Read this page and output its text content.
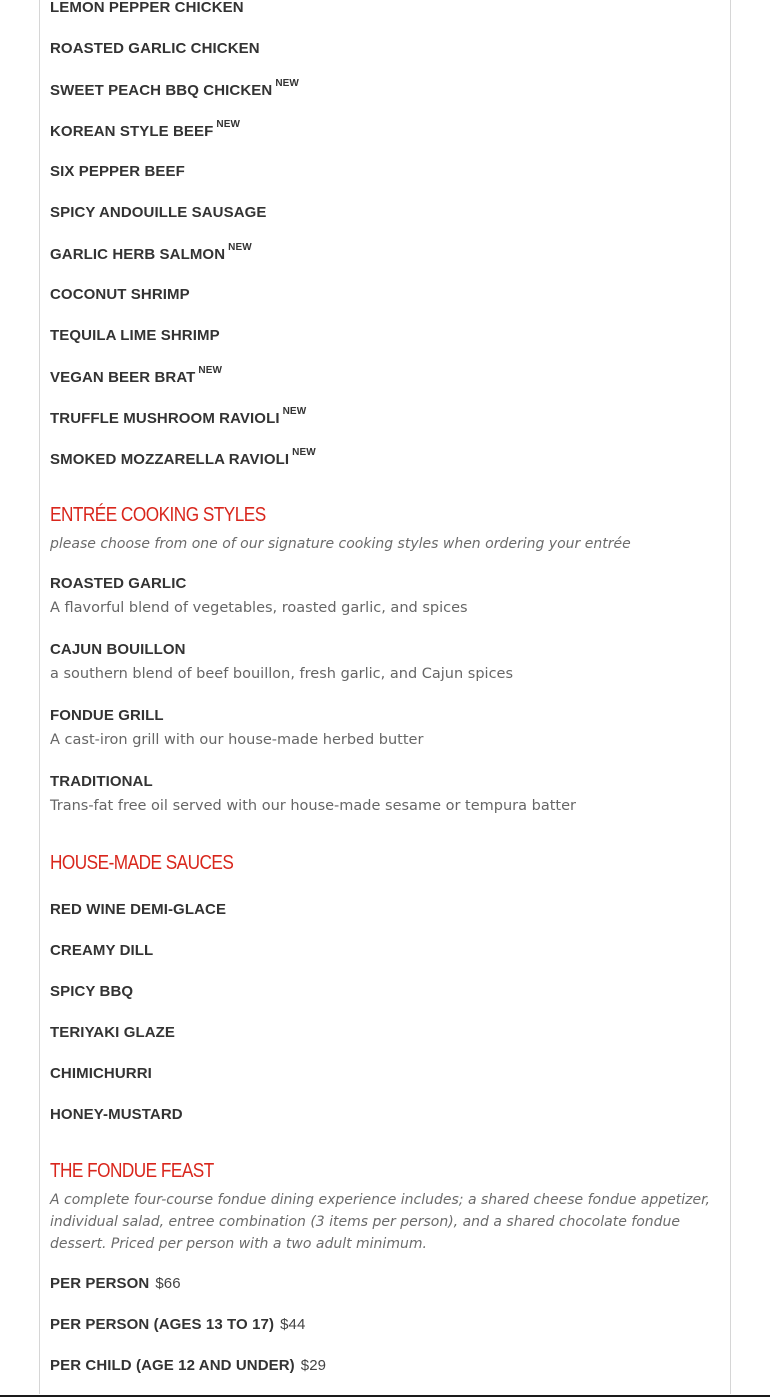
LEMON PEPPER CHICKEN
ROASTED GARLIC CHICKEN
SWEET PEACH BBQ CHICKEN $^{NEW}$
KOREAN STYLE BEEF $^{NEW}$
SIX PEPPER BEEF
SPICY ANDOUILLE SAUSAGE
GARLIC HERB SALMON $^{NEW}$
COCONUT SHRIMP
TEQUILA LIME SHRIMP
VEGAN BEER BRAT $^{NEW}$
TRUFFLE MUSHROOM RAVIOLI $^{NEW}$
SMOKED MOZZARELLA RAVIOLI $^{NEW}$
ENTRÉE COOKING STYLES
please choose from one of our signature cooking styles when ordering your entrée
ROASTED GARLIC
A flavorful blend of vegetables, roasted garlic, and spices
CAJUN BOUILLON
a southern blend of beef bouillon, fresh garlic, and Cajun spices
FONDUE GRILL
A cast-iron grill with our house-made herbed butter
TRADITIONAL
Trans-fat free oil served with our house-made sesame or tempura batter
HOUSE-MADE SAUCES
RED WINE DEMI-GLACE
CREAMY DILL
SPICY BBQ
TERIYAKI GLAZE
CHIMICHURRI
HONEY-MUSTARD
THE FONDUE FEAST
A complete four-course fondue dining experience includes; a shared cheese fondue appetizer, individual salad, entree combination (3 items per person), and a shared chocolate fondue dessert. Priced per person with a two adult minimum.
PER PERSON $66
PER PERSON (AGES 13 TO 17) $44
PER CHILD (AGE 12 AND UNDER) $29
